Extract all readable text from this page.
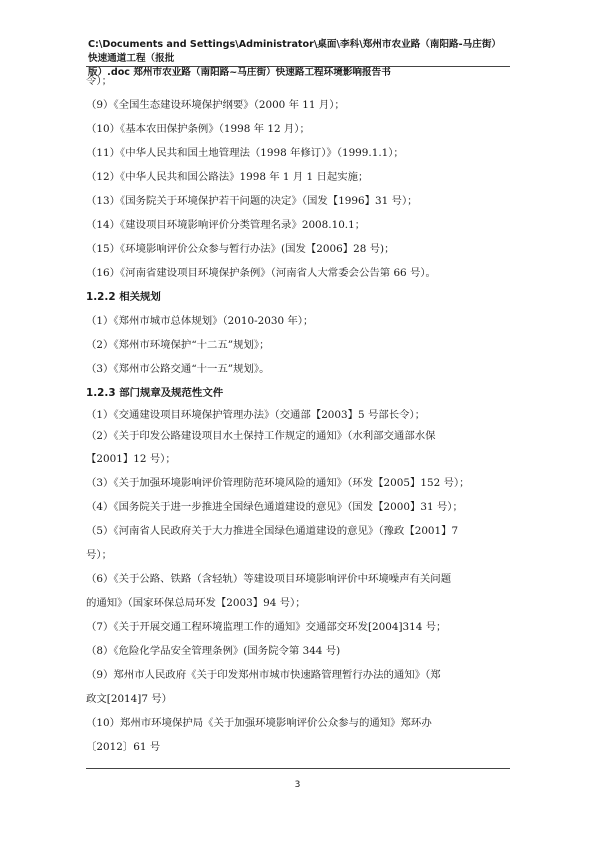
C:\Documents and Settings\Administrator\桌面\李科\郑州市农业路（南阳路-马庄街）快速通道工程（报批
版）.doc 郑州市农业路（南阳路~马庄街）快速路工程环境影响报告书
令）；
（9）《全国生态建设环境保护纲要》（2000 年 11 月）；
（10）《基本农田保护条例》（1998 年 12 月）；
（11）《中华人民共和国土地管理法（1998 年修订）》（1999.1.1）；
（12）《中华人民共和国公路法》1998 年 1 月 1 日起实施；
（13）《国务院关于环境保护若干问题的决定》（国发【1996】31 号）；
（14）《建设项目环境影响评价分类管理名录》2008.10.1；
（15）《环境影响评价公众参与暂行办法》(国发【2006】28 号)；
（16）《河南省建设项目环境保护条例》（河南省人大常委会公告第 66 号）。
1.2.2 相关规划
（1）《郑州市城市总体规划》（2010-2030 年）；
（2）《郑州市环境保护“十二五”规划》；
（3）《郑州市公路交通“十一五”规划》。
1.2.3 部门规章及规范性文件
（1）《交通建设项目环境保护管理办法》（交通部【2003】5 号部长令）；
（2）《关于印发公路建设项目水土保持工作规定的通知》（水利部交通部水保
【2001】12 号）；
（3）《关于加强环境影响评价管理防范环境风险的通知》（环发【2005】152 号）；
（4）《国务院关于进一步推进全国绿色通道建设的意见》（国发【2000】31 号）；
（5）《河南省人民政府关于大力推进全国绿色通道建设的意见》（豫政【2001】7
号）；
（6）《关于公路、铁路（含轻轨）等建设项目环境影响评价中环境噪声有关问题
的通知》（国家环保总局环发【2003】94 号）；
（7）《关于开展交通工程环境监理工作的通知》交通部交环发[2004]314 号；
（8）《危险化学品安全管理条例》(国务院令第 344 号)
（9）郑州市人民政府《关于印发郑州市城市快速路管理暂行办法的通知》（郑
政文[2014]7 号）
（10）郑州市环境保护局《关于加强环境影响评价公众参与的通知》郑环办
〔2012〕61 号
3
